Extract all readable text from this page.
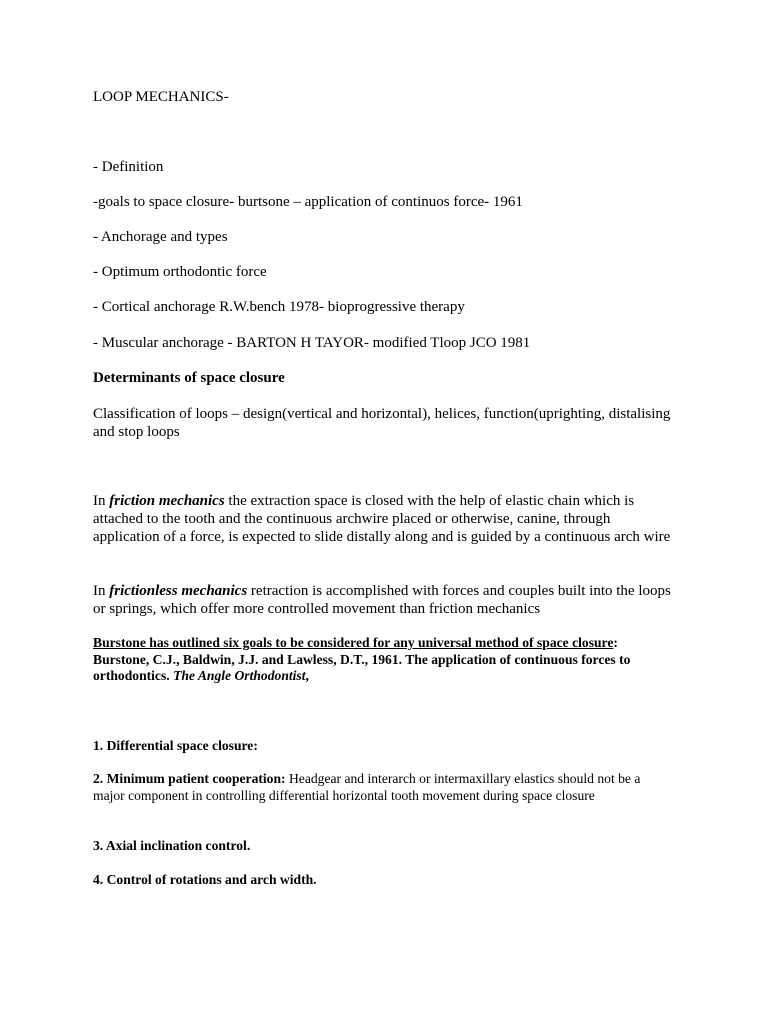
LOOP MECHANICS-

- Definition

-goals to space closure- burtsone – application of continuos force- 1961

- Anchorage and types

- Optimum orthodontic force

- Cortical anchorage R.W.bench 1978- bioprogressive therapy

- Muscular anchorage - BARTON H TAYOR- modified Tloop JCO 1981

Determinants of space closure

Classification of loops – design(vertical and horizontal), helices, function(uprighting, distalising and stop loops

In friction mechanics the extraction space is closed with the help of elastic chain which is attached to the tooth and the continuous archwire placed or otherwise, canine, through application of a force, is expected to slide distally along and is guided by a continuous arch wire

In frictionless mechanics retraction is accomplished with forces and couples built into the loops or springs, which offer more controlled movement than friction mechanics

Burstone has outlined six goals to be considered for any universal method of space closure: Burstone, C.J., Baldwin, J.J. and Lawless, D.T., 1961. The application of continuous forces to orthodontics. The Angle Orthodontist,

1. Differential space closure:

2. Minimum patient cooperation: Headgear and interarch or intermaxillary elastics should not be a major component in controlling differential horizontal tooth movement during space closure

3. Axial inclination control.

4. Control of rotations and arch width.
